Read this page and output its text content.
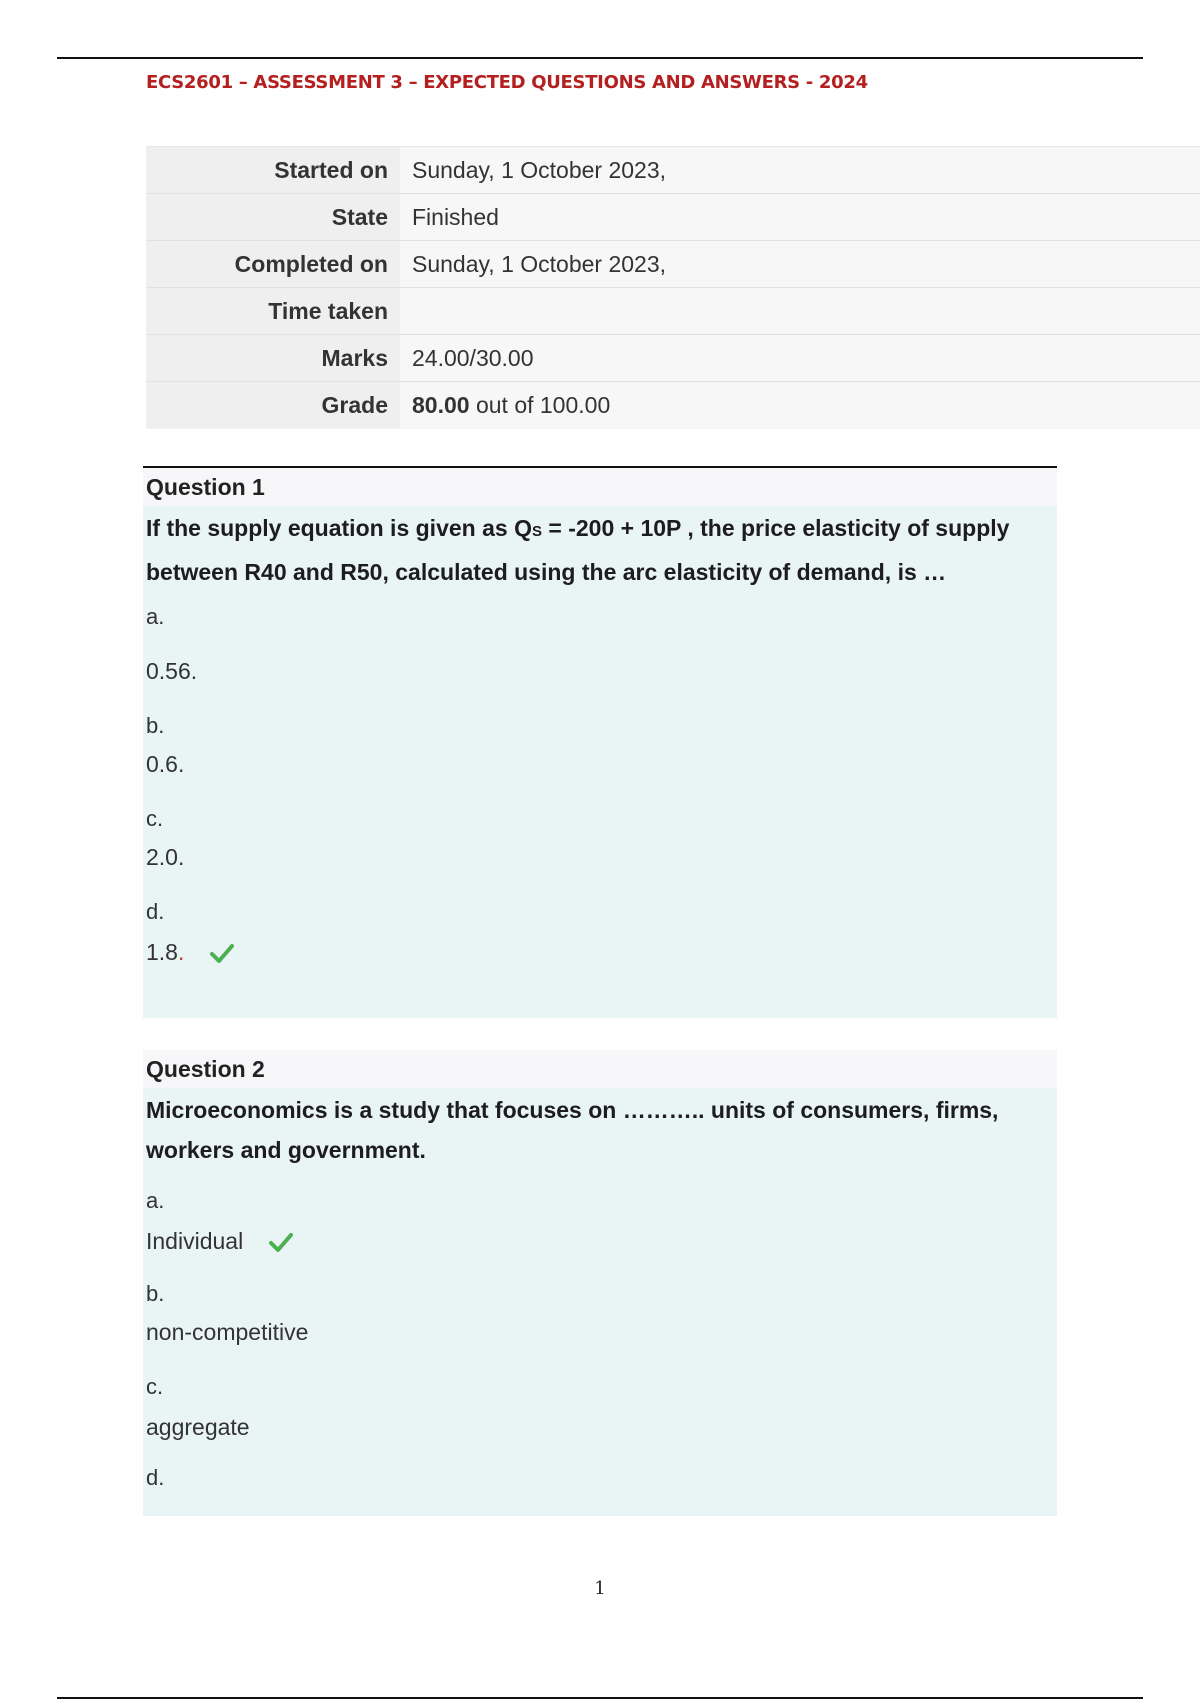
ECS2601 – ASSESSMENT 3 – EXPECTED QUESTIONS AND ANSWERS - 2024
Started on	Sunday, 1 October 2023,
State	Finished
Completed on	Sunday, 1 October 2023,
Time taken	
Marks	24.00/30.00
Grade	80.00 out of 100.00
Question 1

If the supply equation is given as QS = -200 + 10P , the price elasticity of supply between R40 and R50, calculated using the arc elasticity of demand, is …

a.

0.56.

b.

0.6.

c.

2.0.

d.

1.8 .

Question 2

Microeconomics is a study that focuses on ……….. units of consumers, firms, workers and government.

a.

Individual

b.

non-competitive

c.

aggregate

d.

1
